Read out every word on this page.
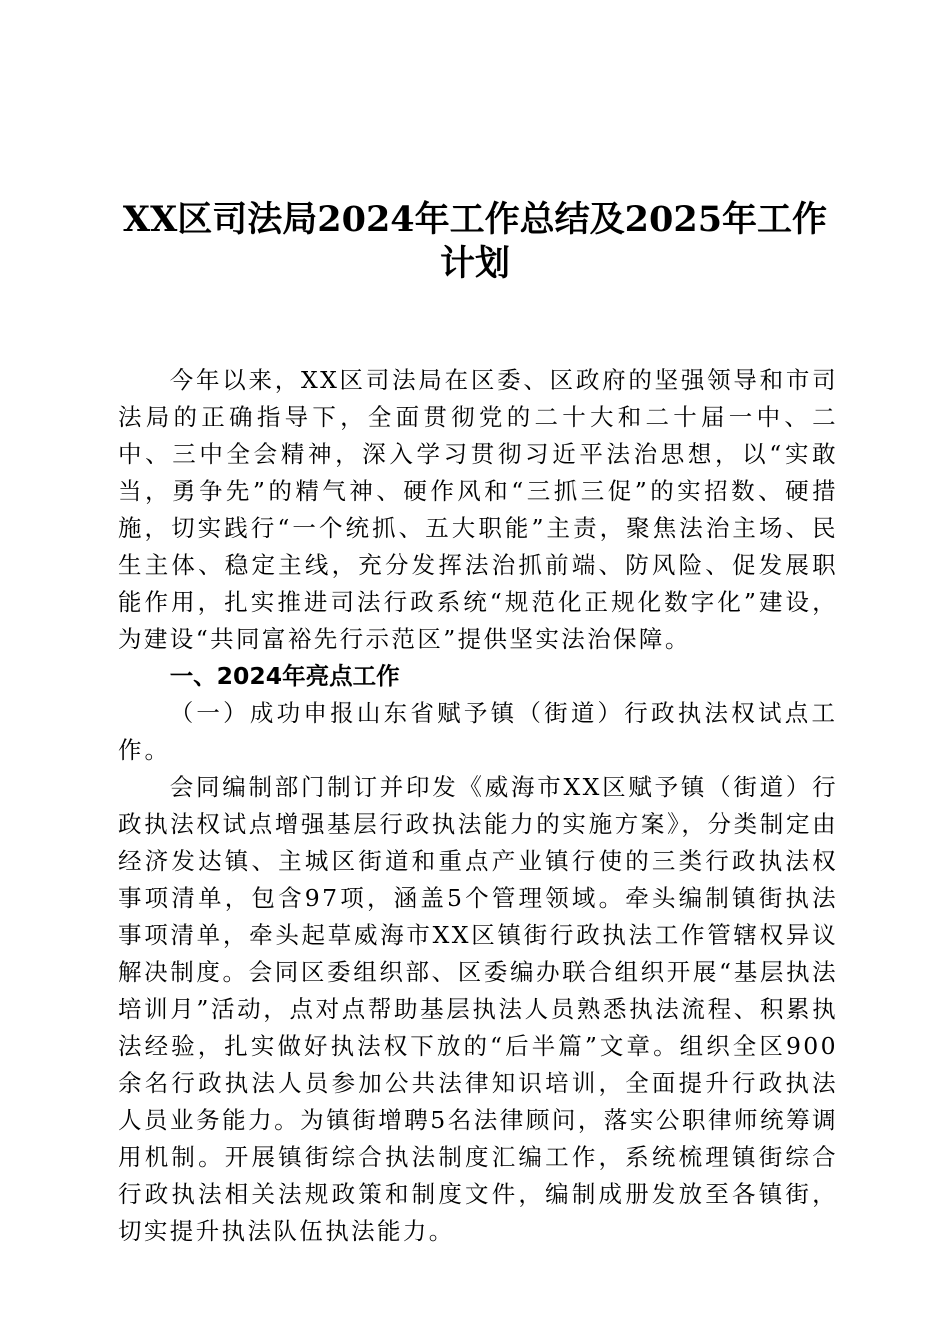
XX区司法局2024年工作总结及2025年工作
计划

今年以来，XX区司法局在区委、区政府的坚强领导和市司法局的正确指导下，全面贯彻党的二十大和二十届一中、二中、三中全会精神，深入学习贯彻习近平法治思想，以“实敢当，勇争先”的精气神、硬作风和“三抓三促”的实招数、硬措施，切实践行“一个统抓、五大职能”主责，聚焦法治主场、民生主体、稳定主线，充分发挥法治抓前端、防风险、促发展职能作用，扎实推进司法行政系统“规范化正规化数字化”建设，为建设“共同富裕先行示范区”提供坚实法治保障。

一、2024年亮点工作

（一）成功申报山东省赋予镇（街道）行政执法权试点工作。

会同编制部门制订并印发《威海市XX区赋予镇（街道）行政执法权试点增强基层行政执法能力的实施方案》，分类制定由经济发达镇、主城区街道和重点产业镇行使的三类行政执法权事项清单，包含97项，涵盖5个管理领域。牵头编制镇街执法事项清单，牵头起草威海市XX区镇街行政执法工作管辖权异议解决制度。会同区委组织部、区委编办联合组织开展“基层执法培训月”活动，点对点帮助基层执法人员熟悉执法流程、积累执法经验，扎实做好执法权下放的“后半篇”文章。组织全区900余名行政执法人员参加公共法律知识培训，全面提升行政执法人员业务能力。为镇街增聘5名法律顾问，落实公职律师统筹调用机制。开展镇街综合执法制度汇编工作，系统梳理镇街综合行政执法相关法规政策和制度文件，编制成册发放至各镇街，切实提升执法队伍执法能力。
